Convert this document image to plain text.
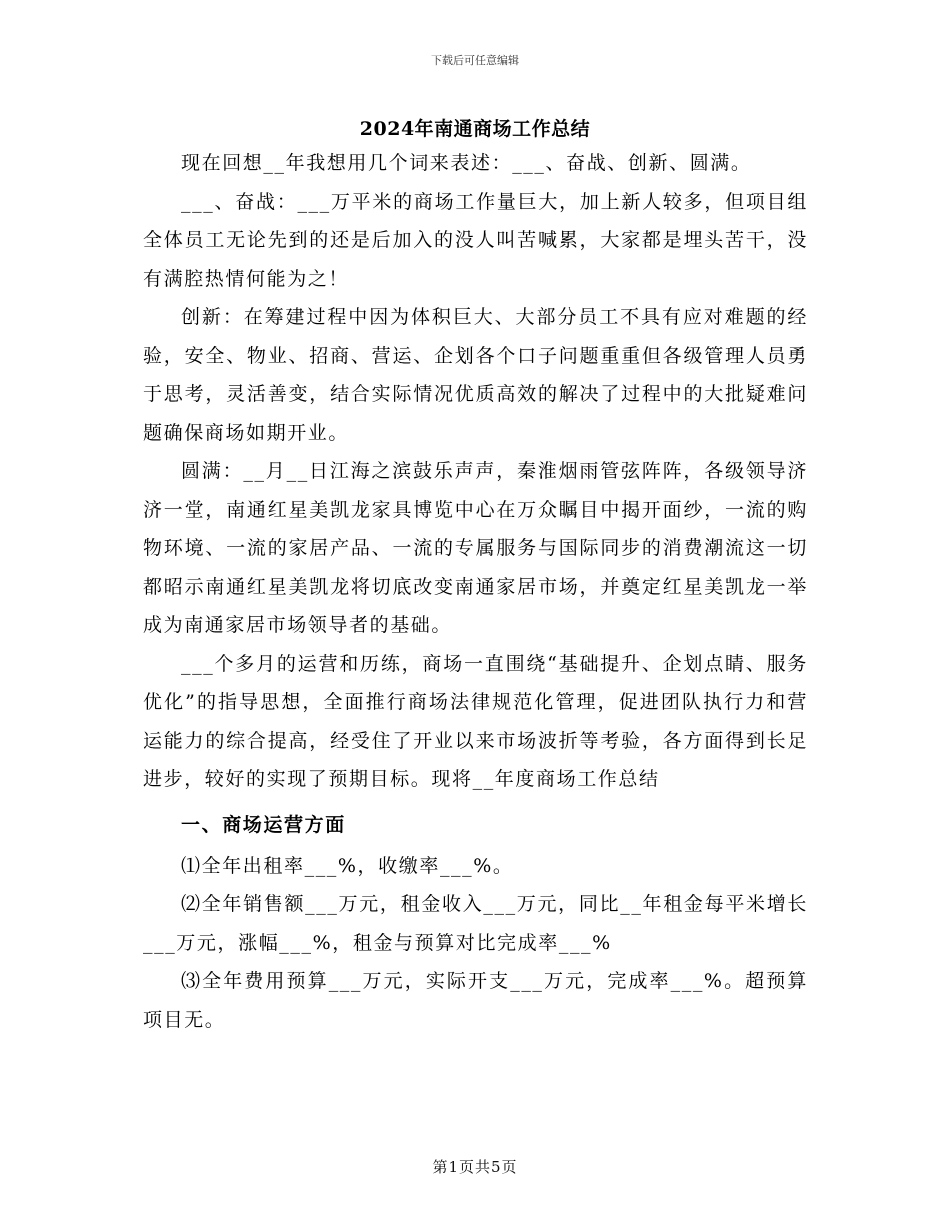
下载后可任意编辑
2024年南通商场工作总结

现在回想__年我想用几个词来表述：___、奋战、创新、圆满。

___、奋战：___万平米的商场工作量巨大，加上新人较多，但项目组全体员工无论先到的还是后加入的没人叫苦喊累，大家都是埋头苦干，没有满腔热情何能为之！

创新：在筹建过程中因为体积巨大、大部分员工不具有应对难题的经验，安全、物业、招商、营运、企划各个口子问题重重但各级管理人员勇于思考，灵活善变，结合实际情况优质高效的解决了过程中的大批疑难问题确保商场如期开业。

圆满：__月__日江海之滨鼓乐声声，秦淮烟雨管弦阵阵，各级领导济济一堂，南通红星美凯龙家具博览中心在万众瞩目中揭开面纱，一流的购物环境、一流的家居产品、一流的专属服务与国际同步的消费潮流这一切都昭示南通红星美凯龙将切底改变南通家居市场，并奠定红星美凯龙一举成为南通家居市场领导者的基础。

___个多月的运营和历练，商场一直围绕“基础提升、企划点睛、服务优化”的指导思想，全面推行商场法律规范化管理，促进团队执行力和营运能力的综合提高，经受住了开业以来市场波折等考验，各方面得到长足进步，较好的实现了预期目标。现将__年度商场工作总结

一、商场运营方面

⑴全年出租率___%，收缴率___%。

⑵全年销售额___万元，租金收入___万元，同比__年租金每平米增长___万元，涨幅___%，租金与预算对比完成率___%

⑶全年费用预算___万元，实际开支___万元，完成率___%。超预算项目无。

第1页共5页
